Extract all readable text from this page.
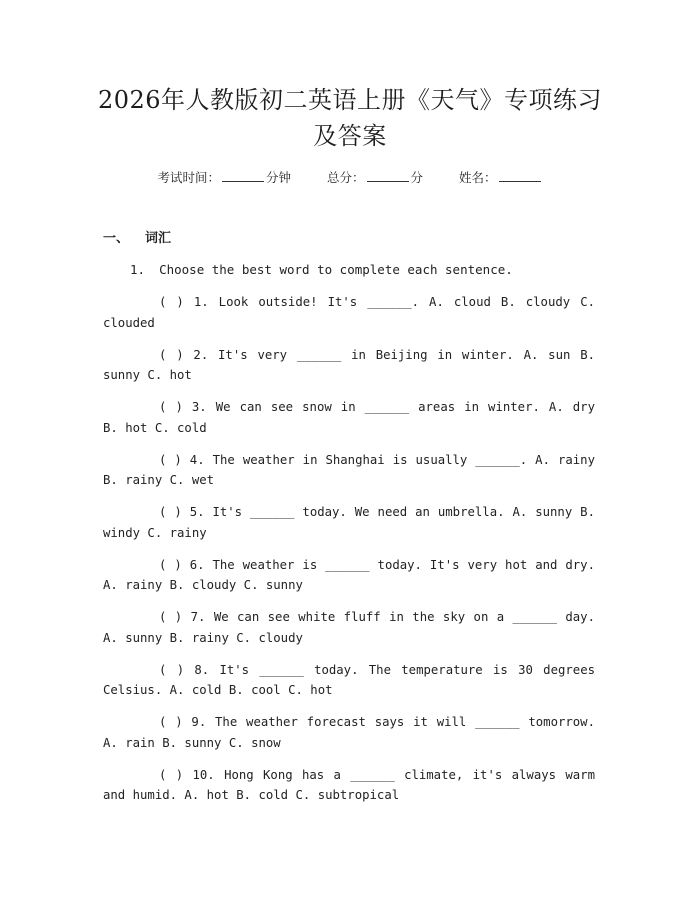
2026年人教版初二英语上册《天气》专项练习及答案
考试时间：	分钟	总分：	分	姓名：
一、 词汇
1. Choose the best word to complete each sentence.

( ) 1. Look outside! It's ______. A. cloud B. cloudy C. clouded

( ) 2. It's very ______ in Beijing in winter. A. sun B. sunny C. hot

( ) 3. We can see snow in ______ areas in winter. A. dry B. hot C. cold

( ) 4. The weather in Shanghai is usually ______. A. rainy B. rainy C. wet

( ) 5. It's ______ today. We need an umbrella. A. sunny B. windy C. rainy

( ) 6. The weather is ______ today. It's very hot and dry. A. rainy B. cloudy C. sunny

( ) 7. We can see white fluff in the sky on a ______ day. A. sunny B. rainy C. cloudy

( ) 8. It's ______ today. The temperature is 30 degrees Celsius. A. cold B. cool C. hot

( ) 9. The weather forecast says it will ______ tomorrow. A. rain B. sunny C. snow

( ) 10. Hong Kong has a ______ climate, it's always warm and humid. A. hot B. cold C. subtropical
